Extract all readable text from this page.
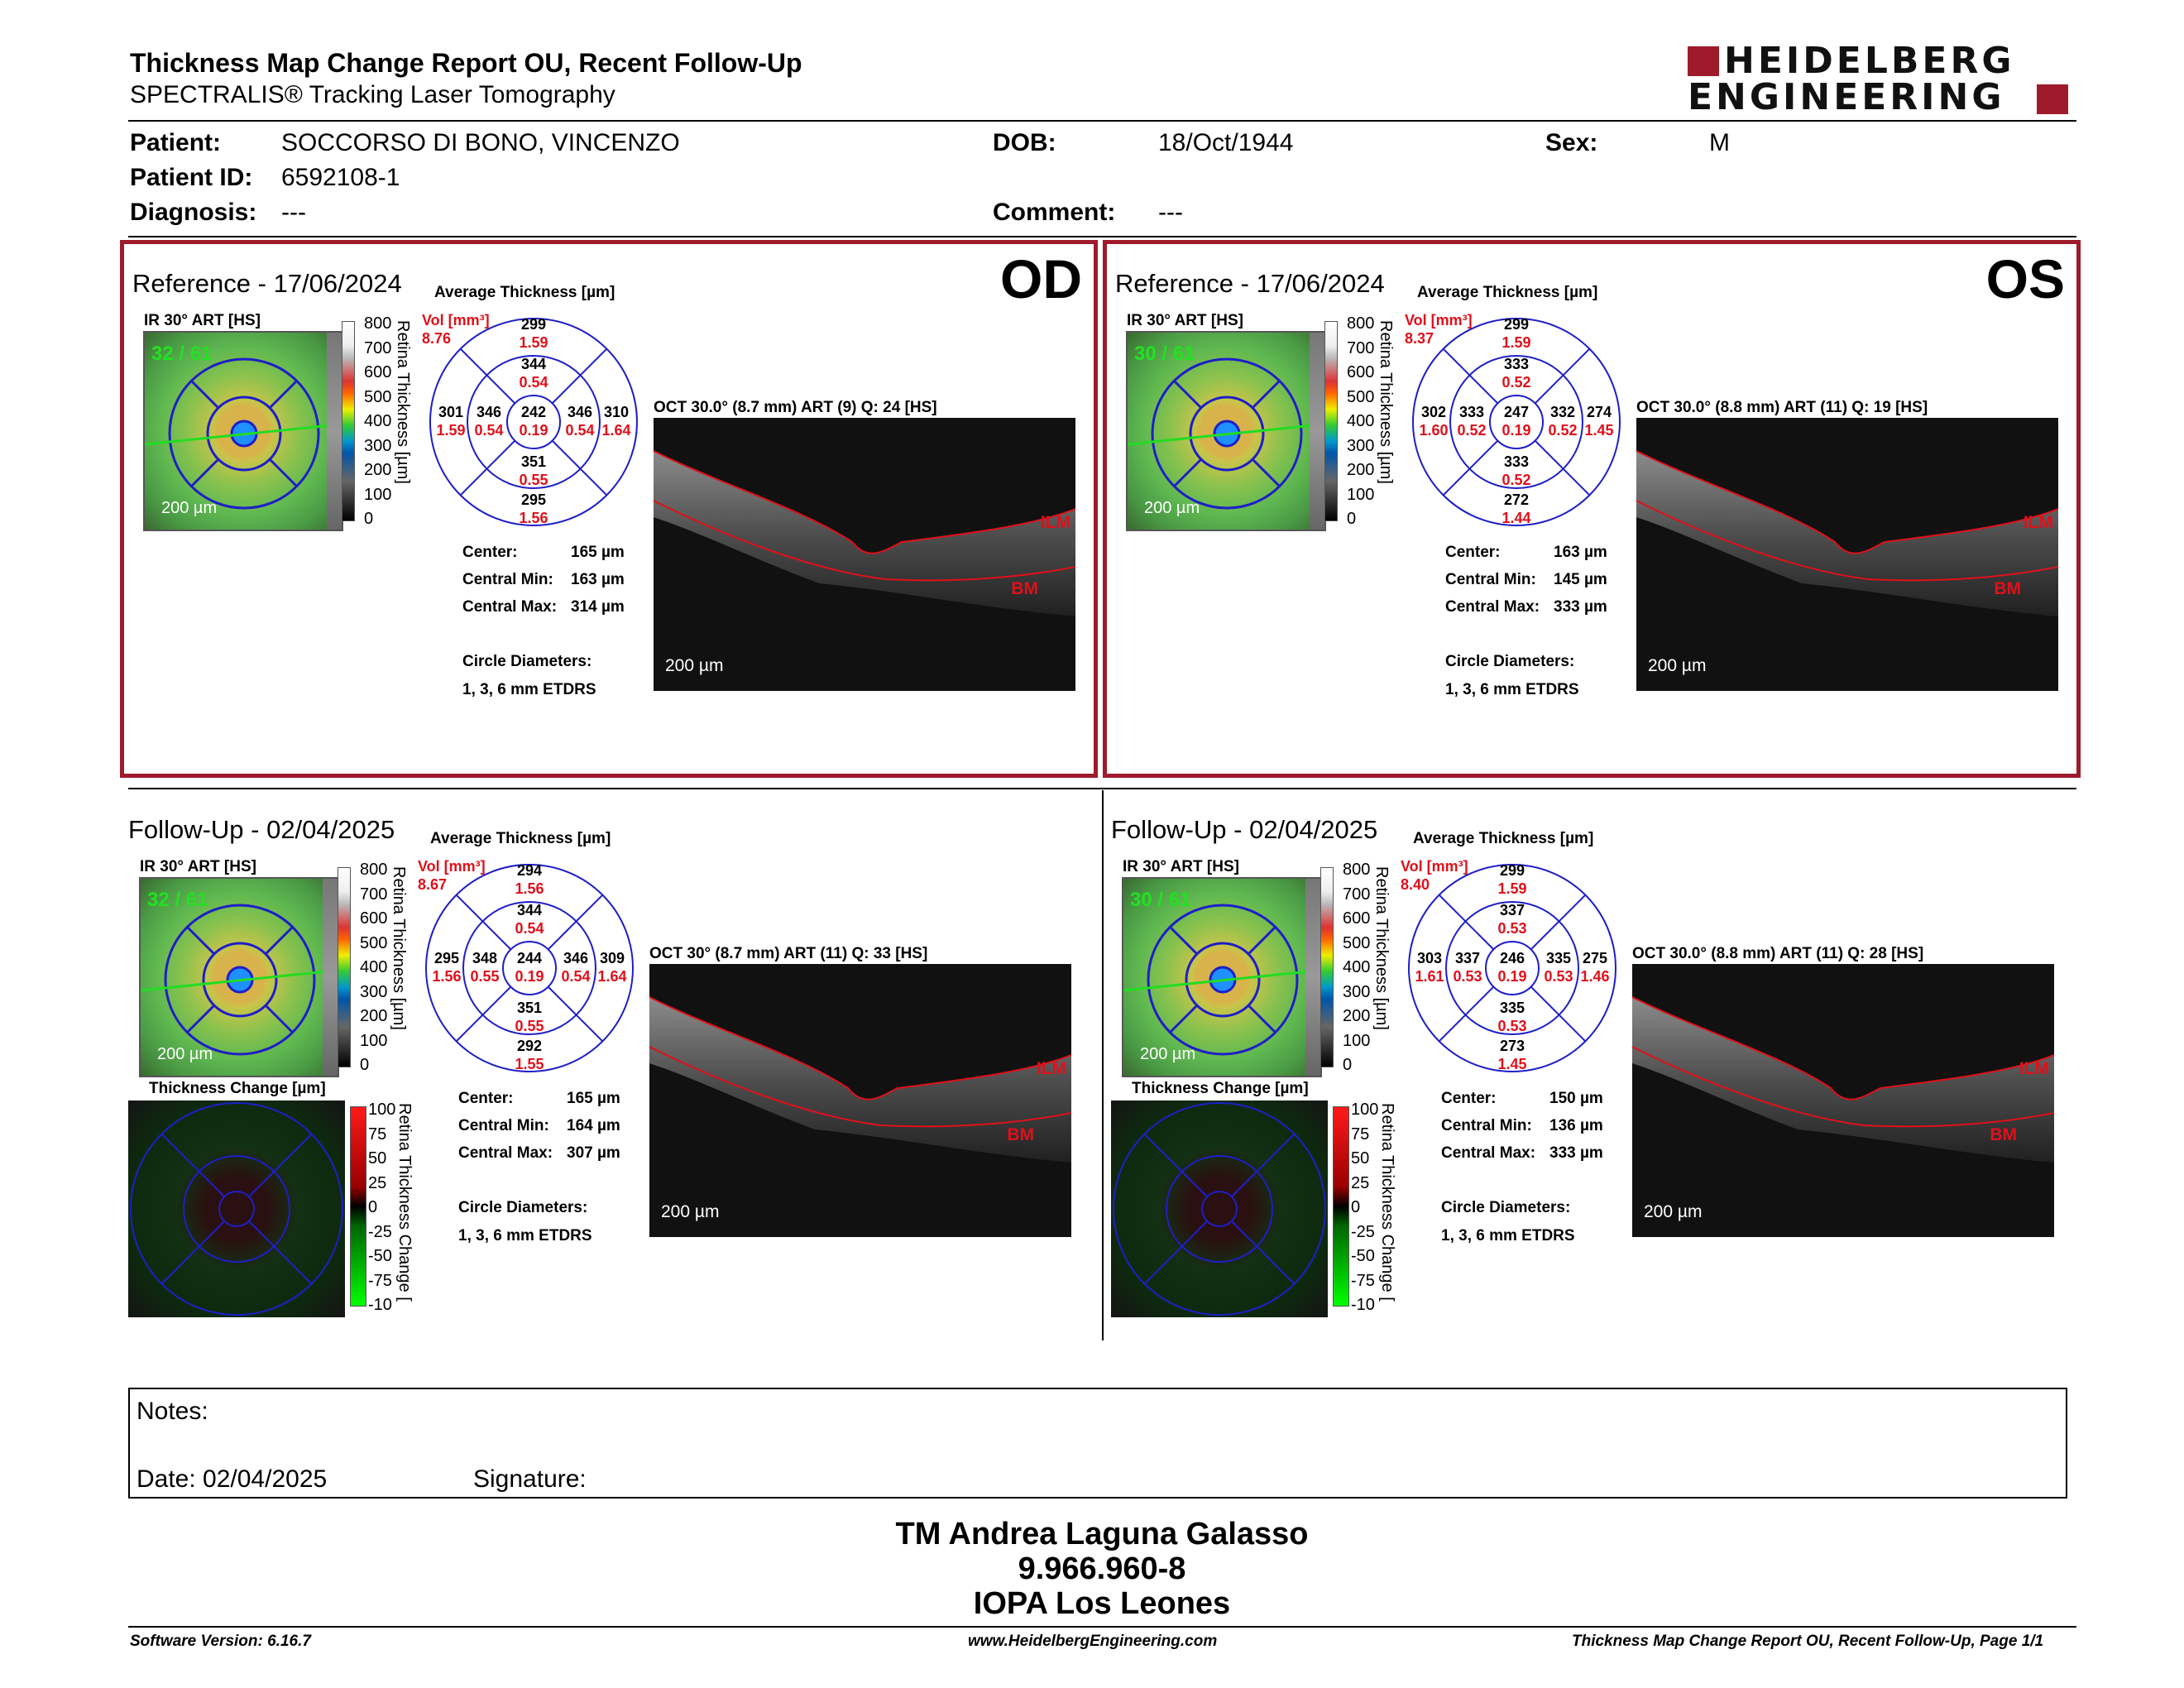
Thickness Map Change Report OU, Recent Follow-Up
SPECTRALIS® Tracking Laser Tomography
HEIDELBERG
ENGINEERING
Patient: SOCCORSO DI BONO, VINCENZO
Patient ID: 6592108-1
Diagnosis: ---
DOB:	18/Oct/1944
Comment: ---
Sex:	M
Reference - 17/06/2024	OD
Average Thickness [µm]
IR 30° ART [HS]
32 / 61
200 µm
800
700
600
500
400
300
200
100
0
Retina Thickness [µm] Vol [mm³]
8.76
299
1.59
344
0.54
301
1.59
346
0.54
242
0.19
346
0.54
310
1.64
351
0.55
295
1.56
Center:	165 µm
Central Min: 163 µm
Central Max: 314 µm
Circle Diameters:
1, 3, 6 mm ETDRS
OCT 30.0° (8.7 mm) ART (9) Q: 24 [HS]
ILM
BM
200 µm
Reference - 17/06/2024	OS
Average Thickness [µm]
IR 30° ART [HS]
30 / 61
200 µm
800
700
600
500
400
300
200
100
0
Retina Thickness [µm] Vol [mm³]
8.37
299
1.59
333
0.52
302
1.60
333
0.52
247
0.19
332
0.52
274
1.45
333
0.52
272
1.44
Center:	163 µm
Central Min: 145 µm
Central Max: 333 µm
Circle Diameters:
1, 3, 6 mm ETDRS
OCT 30.0° (8.8 mm) ART (11) Q: 19 [HS]
ILM
BM
200 µm
Follow-Up - 02/04/2025 Average Thickness [µm]
IR 30° ART [HS]
32 / 61
200 µm
800
700
600
500
400
300
200
100
0
Retina Thickness [µm] Vol [mm³]
8.67
294
1.56
344
0.54
295
1.56
348
0.55
244
0.19
346
0.54
309
1.64
351
0.55
292
1.55
Center:	165 µm
Central Min: 164 µm
Central Max: 307 µm
Circle Diameters:
1, 3, 6 mm ETDRS
OCT 30° (8.7 mm) ART (11) Q: 33 [HS]
ILM
BM
200 µm
Thickness Change [µm]
100
75
50
25
0
-25
-50
-75
-10
Retina Thickness Change [
Follow-Up - 02/04/2025 Average Thickness [µm]
IR 30° ART [HS]
30 / 61
200 µm
800
700
600
500
400
300
200
100
0
Retina Thickness [µm] Vol [mm³]
8.40
299
1.59
337
0.53
303
1.61
337
0.53
246
0.19
335
0.53
275
1.46
335
0.53
273
1.45
Center:	150 µm
Central Min: 136 µm
Central Max: 333 µm
Circle Diameters:
1, 3, 6 mm ETDRS
OCT 30.0° (8.8 mm) ART (11) Q: 28 [HS]
ILM
BM
200 µm
Thickness Change [µm]
100
75
50
25
0
-25
-50
-75
-10
Retina Thickness Change [
Notes:
Date: 02/04/2025	Signature:
TM Andrea Laguna Galasso
9.966.960-8
IOPA Los Leones
Software Version: 6.16.7	www.HeidelbergEngineering.com	Thickness Map Change Report OU, Recent Follow-Up, Page 1/1
